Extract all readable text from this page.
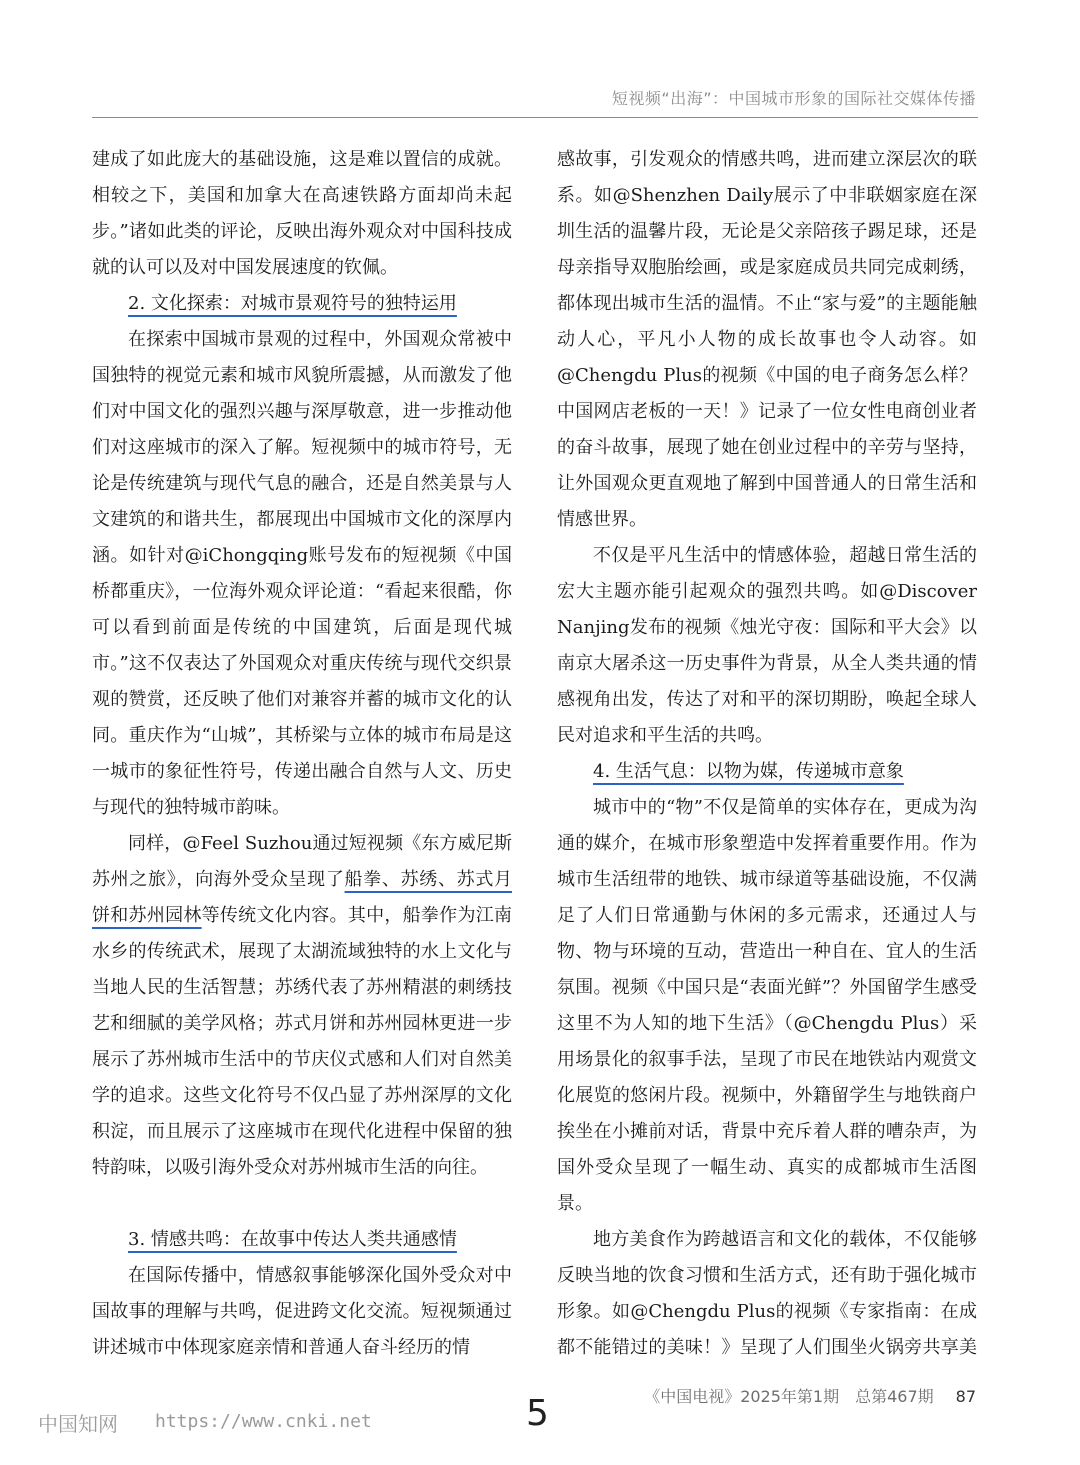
短视频“出海”：中国城市形象的国际社交媒体传播

建成了如此庞大的基础设施，这是难以置信的成就。相较之下，美国和加拿大在高速铁路方面却尚未起步。”诸如此类的评论，反映出海外观众对中国科技成就的认可以及对中国发展速度的钦佩。

2. 文化探索：对城市景观符号的独特运用

在探索中国城市景观的过程中，外国观众常被中国独特的视觉元素和城市风貌所震撼，从而激发了他们对中国文化的强烈兴趣与深厚敬意，进一步推动他们对这座城市的深入了解。短视频中的城市符号，无论是传统建筑与现代气息的融合，还是自然美景与人文建筑的和谐共生，都展现出中国城市文化的深厚内涵。如针对@iChongqing账号发布的短视频《中国桥都重庆》，一位海外观众评论道：“看起来很酷，你可以看到前面是传统的中国建筑，后面是现代城市。”这不仅表达了外国观众对重庆传统与现代交织景观的赞赏，还反映了他们对兼容并蓄的城市文化的认同。重庆作为“山城”，其桥梁与立体的城市布局是这一城市的象征性符号，传递出融合自然与人文、历史与现代的独特城市韵味。

同样，@Feel Suzhou通过短视频《东方威尼斯苏州之旅》，向海外受众呈现了船拳、苏绣、苏式月饼和苏州园林等传统文化内容。其中，船拳作为江南水乡的传统武术，展现了太湖流域独特的水上文化与当地人民的生活智慧；苏绣代表了苏州精湛的刺绣技艺和细腻的美学风格；苏式月饼和苏州园林更进一步展示了苏州城市生活中的节庆仪式感和人们对自然美学的追求。这些文化符号不仅凸显了苏州深厚的文化积淀，而且展示了这座城市在现代化进程中保留的独特韵味，以吸引海外受众对苏州城市生活的向往。

3. 情感共鸣：在故事中传达人类共通感情

在国际传播中，情感叙事能够深化国外受众对中国故事的理解与共鸣，促进跨文化交流。短视频通过讲述城市中体现家庭亲情和普通人奋斗经历的情

感故事，引发观众的情感共鸣，进而建立深层次的联系。如@Shenzhen Daily展示了中非联姻家庭在深圳生活的温馨片段，无论是父亲陪孩子踢足球，还是母亲指导双胞胎绘画，或是家庭成员共同完成刺绣，都体现出城市生活的温情。不止“家与爱”的主题能触动人心，平凡小人物的成长故事也令人动容。如@Chengdu Plus的视频《中国的电子商务怎么样？中国网店老板的一天！》记录了一位女性电商创业者的奋斗故事，展现了她在创业过程中的辛劳与坚持，让外国观众更直观地了解到中国普通人的日常生活和情感世界。

不仅是平凡生活中的情感体验，超越日常生活的宏大主题亦能引起观众的强烈共鸣。如@Discover Nanjing发布的视频《烛光守夜：国际和平大会》以南京大屠杀这一历史事件为背景，从全人类共通的情感视角出发，传达了对和平的深切期盼，唤起全球人民对追求和平生活的共鸣。

4. 生活气息：以物为媒，传递城市意象

城市中的“物”不仅是简单的实体存在，更成为沟通的媒介，在城市形象塑造中发挥着重要作用。作为城市生活纽带的地铁、城市绿道等基础设施，不仅满足了人们日常通勤与休闲的多元需求，还通过人与物、物与环境的互动，营造出一种自在、宜人的生活氛围。视频《中国只是“表面光鲜”？外国留学生感受这里不为人知的地下生活》（@Chengdu Plus）采用场景化的叙事手法，呈现了市民在地铁站内观赏文化展览的悠闲片段。视频中，外籍留学生与地铁商户挨坐在小摊前对话，背景中充斥着人群的嘈杂声，为国外受众呈现了一幅生动、真实的成都城市生活图景。

地方美食作为跨越语言和文化的载体，不仅能够反映当地的饮食习惯和生活方式，还有助于强化城市形象。如@Chengdu Plus的视频《专家指南：在成都不能错过的美味！》呈现了人们围坐火锅旁共享美

《中国电视》2025年第1期　总第467期 87
中国知网 https://www.cnki.net	5
